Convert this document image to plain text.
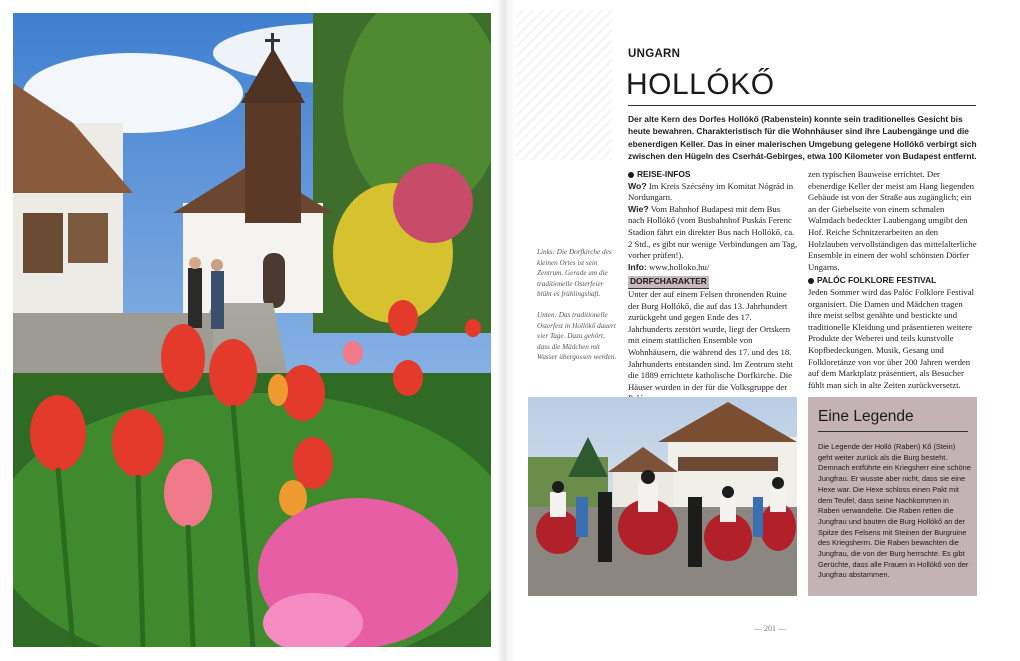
Links: Die Dorfkirche des kleinen Ortes ist sein Zentrum. Gerade um die traditionelle Osterfeier blüht es frühlingshaft.

Unten: Das traditionelle Osterfest in Hollókő dauert vier Tage. Dazu gehört, dass die Mädchen mit Wasser übergossen werden.

UNGARN
HOLLÓKŐ
Der alte Kern des Dorfes Hollókő (Rabenstein) konnte sein traditionelles Gesicht bis heute bewahren. Charakteristisch für die Wohnhäuser sind ihre Laubengänge und die ebenerdigen Keller. Das in einer malerischen Umgebung gelegene Hollókő verbirgt sich zwischen den Hügeln des Cserhát-Gebirges, etwa 100 Kilometer von Budapest entfernt.

REISE-INFOS

Wo? Im Kreis Szécsény im Komitat Nógrád in Nordungarn.

Wie? Vom Bahnhof Budapest mit dem Bus nach Hollókő (vom Busbahnhof Puskás Ferenc Stadion fährt ein direkter Bus nach Hollókő, ca. 2 Std., es gibt nur wenige Verbindungen am Tag, vorher prüfen!).

Info: www.holloko.hu/

DORFCHARAKTER

Unter der auf einem Felsen thronenden Ruine der Burg Hollókő, die auf das 13. Jahrhundert zurückgeht und gegen Ende des 17. Jahrhunderts zerstört wurde, liegt der Ortskern mit einem stattlichen Ensemble von Wohnhäusern, die während des 17. und des 18. Jahrhunderts entstanden sind. Im Zentrum steht die 1889 errichtete katholische Dorfkirche. Die Häuser wurden in der für die Volksgruppe der

zen typischen Bauweise errichtet. Der ebenerdige Keller der meist am Hang liegenden Gebäude ist von der Straße aus zugänglich; ein an der Giebelseite von einem schmalen Walmdach bedeckter Laubengang umgibt den Hof. Reiche Schnitzerarbeiten an den Holzlauben vervollständigen das mittelalterliche Ensemble in einem der wohl schönsten Dörfer Ungarns.

PALÓC FOLKLORE FESTIVAL

Jeden Sommer wird das Palóc Folklore Festival organisiert. Die Damen und Mädchen tragen ihre meist selbst genähte und bestickte und traditionelle Kleidung und präsentieren weitere Produkte der Weberei und teils kunstvolle Kopfbedeckungen. Musik, Gesang und Folkloretänze von vor über 200 Jahren werden auf dem Marktplatz präsentiert, als Besucher fühlt man sich in alte Zeiten zurückversetzt.

Eine Legende
Die Legende der Holló (Raben) Kő (Stein) geht weiter zurück als die Burg besteht. Demnach entführte ein Kriegsherr eine schöne Jungfrau. Er wusste aber nicht, dass sie eine Hexe war. Die Hexe schloss einen Pakt mit dem Teufel, dass seine Nachkommen in Raben verwandelte. Die Raben retten die Jungfrau und bauten die Burg Hollókő an der Spitze des Felsens mit Steinen der Burgruine des Kriegsherrn. Die Raben bewachten die Jungfrau, die von der Burg herrschte. Es gibt Gerüchte, dass alle Frauen in Hollókő von der Jungfrau abstammen.
— 201 —
